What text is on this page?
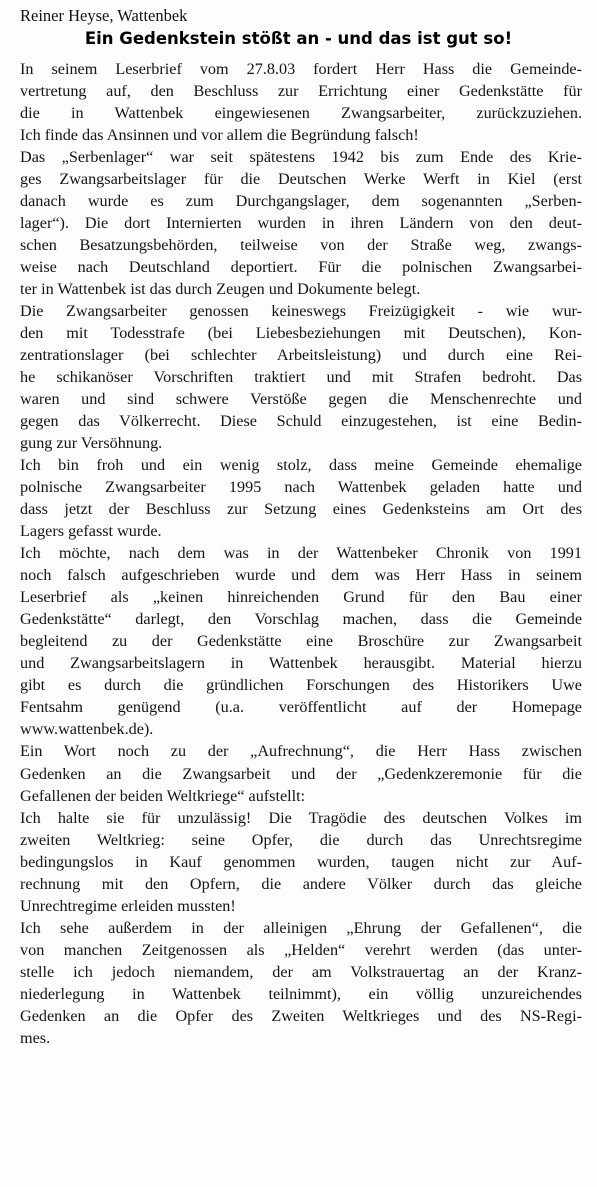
Reiner Heyse, Wattenbek
Ein Gedenkstein stößt an - und das ist gut so!
In seinem Leserbrief vom 27.8.03 fordert Herr Hass die Gemeinde-
vertretung auf, den Beschluss zur Errichtung einer Gedenkstätte für
die in Wattenbek eingewiesenen Zwangsarbeiter, zurückzuziehen.
Ich finde das Ansinnen und vor allem die Begründung falsch!
Das „Serbenlager“ war seit spätestens 1942 bis zum Ende des Krie-
ges Zwangsarbeitslager für die Deutschen Werke Werft in Kiel (erst
danach wurde es zum Durchgangslager, dem sogenannten „Serben-
lager“). Die dort Internierten wurden in ihren Ländern von den deut-
schen Besatzungsbehörden, teilweise von der Straße weg, zwangs-
weise nach Deutschland deportiert. Für die polnischen Zwangsarbei-
ter in Wattenbek ist das durch Zeugen und Dokumente belegt.
Die Zwangsarbeiter genossen keineswegs Freizügigkeit - wie wur-
den mit Todesstrafe (bei Liebesbeziehungen mit Deutschen), Kon-
zentrationslager (bei schlechter Arbeitsleistung) und durch eine Rei-
he schikanöser Vorschriften traktiert und mit Strafen bedroht. Das
waren und sind schwere Verstöße gegen die Menschenrechte und
gegen das Völkerrecht. Diese Schuld einzugestehen, ist eine Bedin-
gung zur Versöhnung.
Ich bin froh und ein wenig stolz, dass meine Gemeinde ehemalige
polnische Zwangsarbeiter 1995 nach Wattenbek geladen hatte und
dass jetzt der Beschluss zur Setzung eines Gedenksteins am Ort des
Lagers gefasst wurde.
Ich möchte, nach dem was in der Wattenbeker Chronik von 1991
noch falsch aufgeschrieben wurde und dem was Herr Hass in seinem
Leserbrief als „keinen hinreichenden Grund für den Bau einer
Gedenkstätte“ darlegt, den Vorschlag machen, dass die Gemeinde
begleitend zu der Gedenkstätte eine Broschüre zur Zwangsarbeit
und Zwangsarbeitslagern in Wattenbek herausgibt. Material hierzu
gibt es durch die gründlichen Forschungen des Historikers Uwe
Fentsahm genügend (u.a. veröffentlicht auf der Homepage
www.wattenbek.de).
Ein Wort noch zu der „Aufrechnung“, die Herr Hass zwischen
Gedenken an die Zwangsarbeit und der „Gedenkzeremonie für die
Gefallenen der beiden Weltkriege“ aufstellt:
Ich halte sie für unzulässig! Die Tragödie des deutschen Volkes im
zweiten Weltkrieg: seine Opfer, die durch das Unrechtsregime
bedingungslos in Kauf genommen wurden, taugen nicht zur Auf-
rechnung mit den Opfern, die andere Völker durch das gleiche
Unrechtregime erleiden mussten!
Ich sehe außerdem in der alleinigen „Ehrung der Gefallenen“, die
von manchen Zeitgenossen als „Helden“ verehrt werden (das unter-
stelle ich jedoch niemandem, der am Volkstrauertag an der Kranz-
niederlegung in Wattenbek teilnimmt), ein völlig unzureichendes
Gedenken an die Opfer des Zweiten Weltkrieges und des NS-Regi-
mes.
